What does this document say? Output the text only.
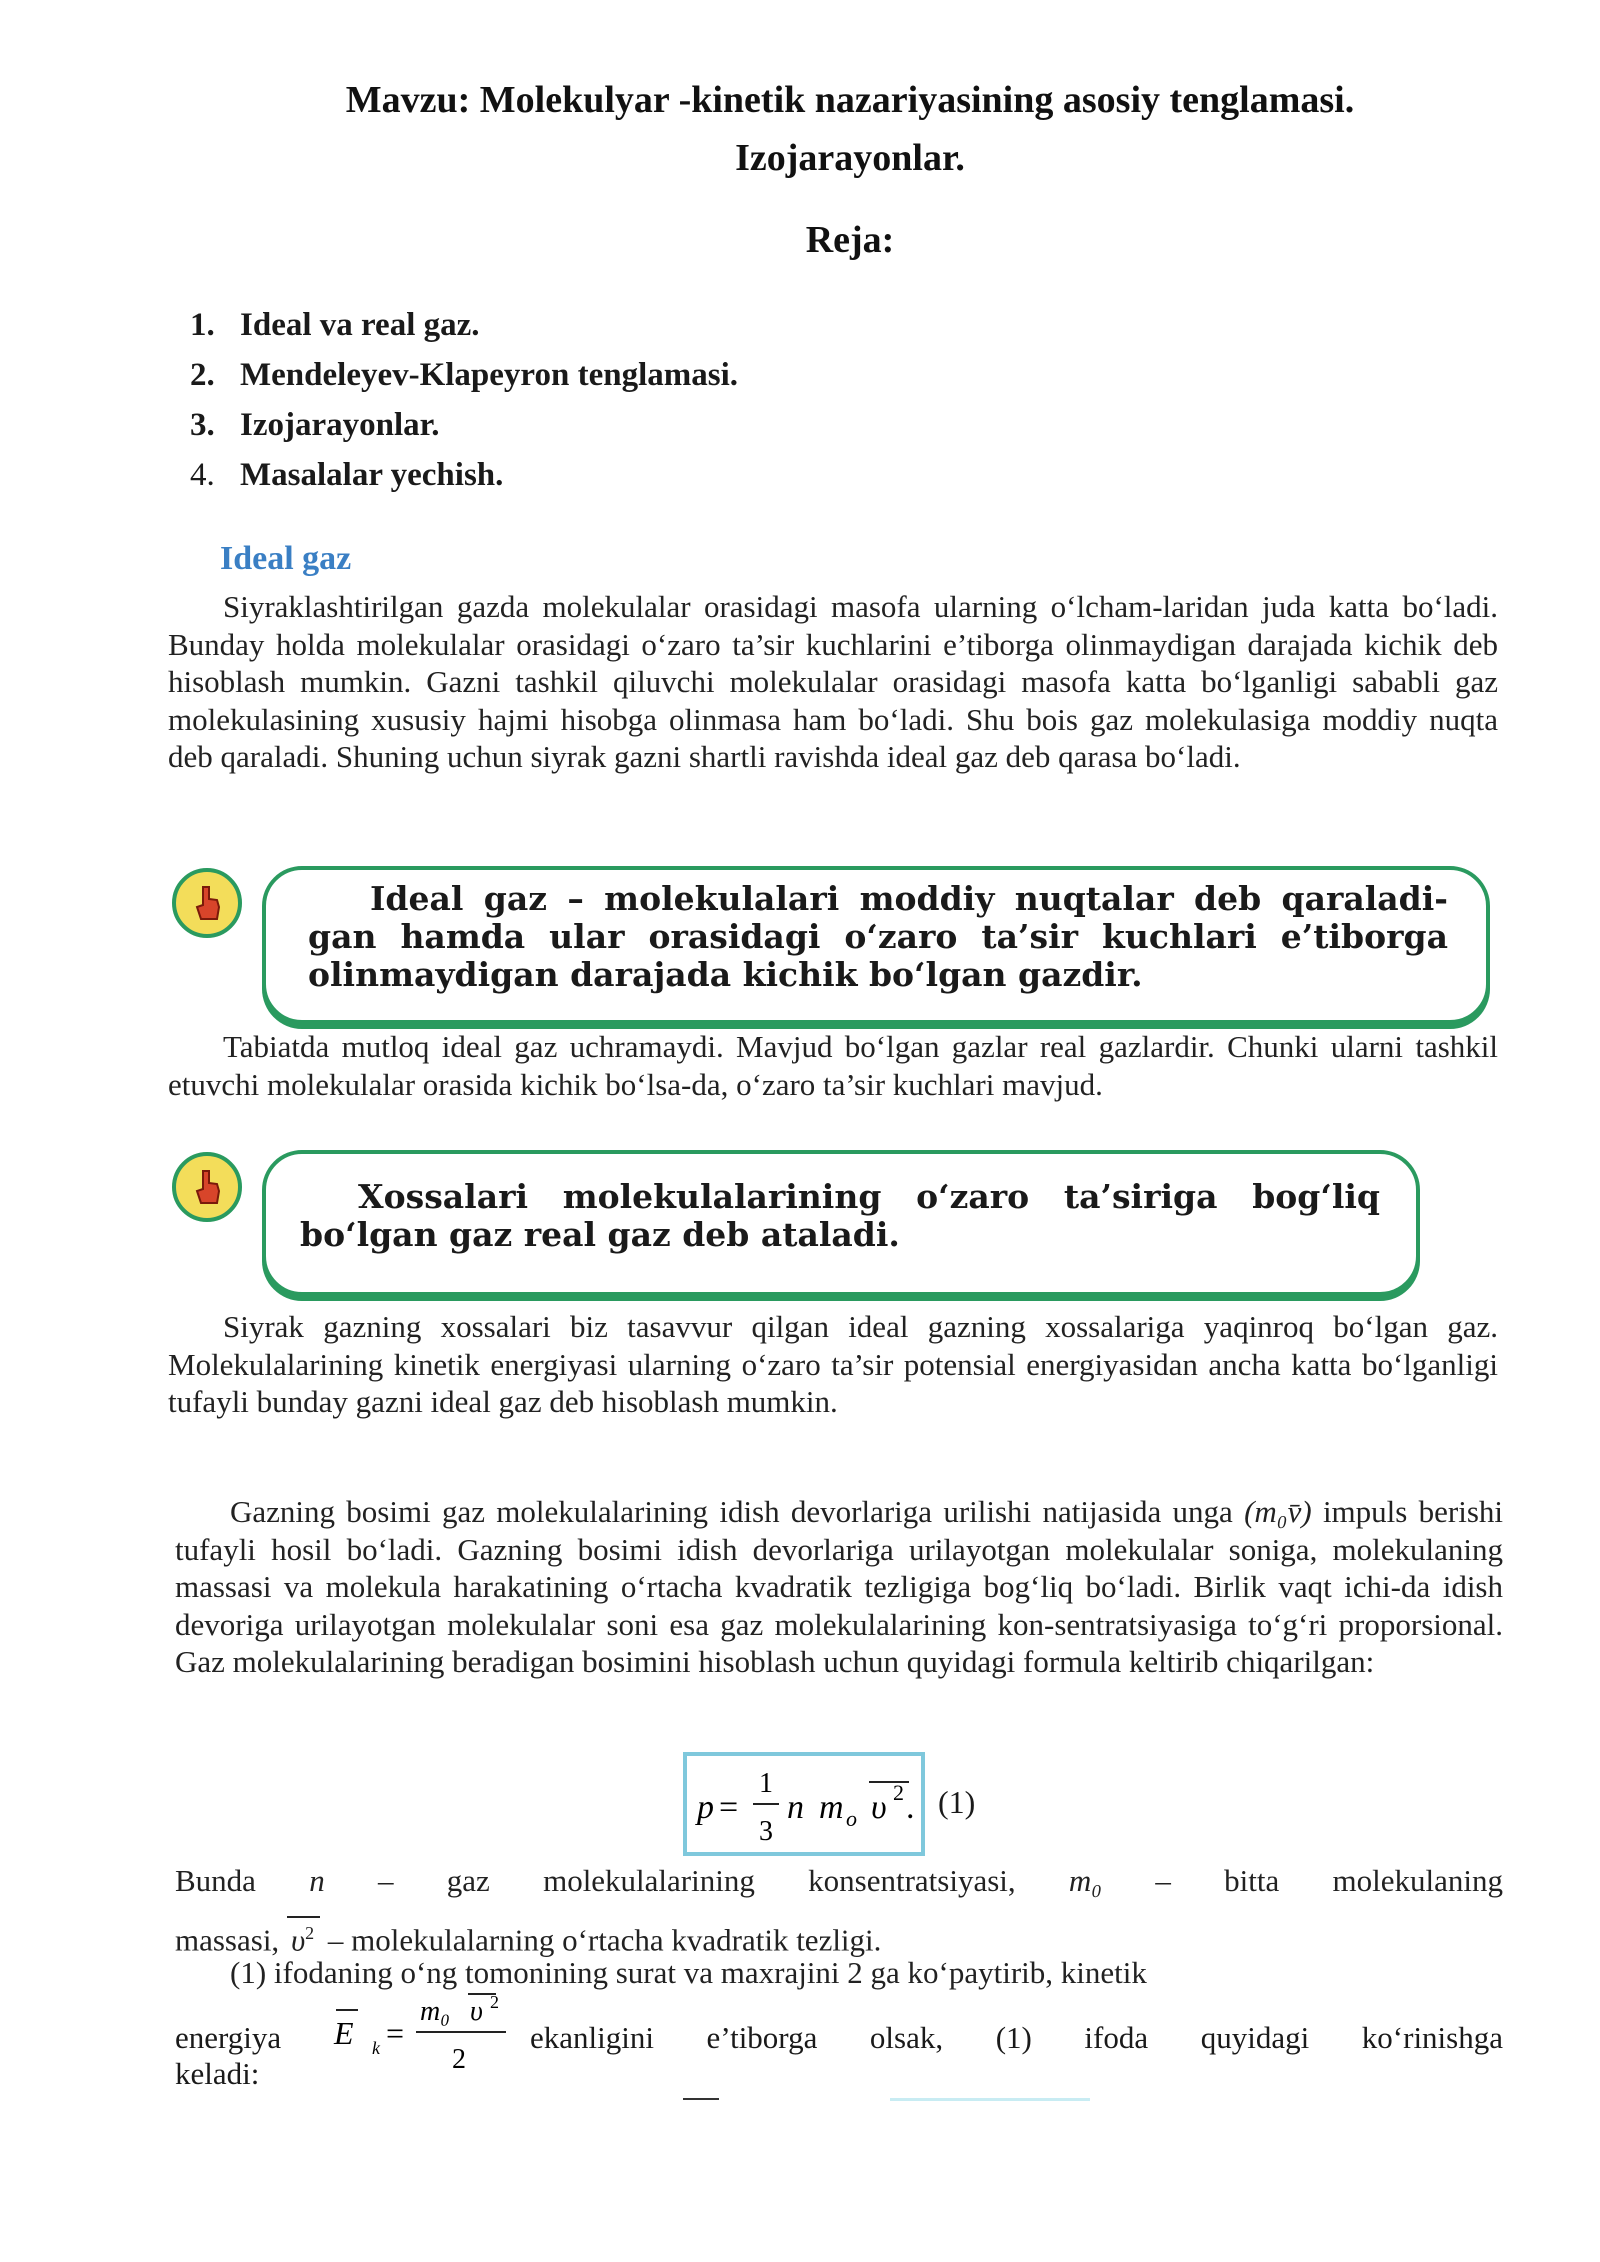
Mavzu: Molekulyar -kinetik nazariyasining asosiy tenglamasi.
Izojarayonlar.
Reja:
1. Ideal va real gaz.
2. Mendeleyev-Klapeyron tenglamasi.
3. Izojarayonlar.
4. Masalalar yechish.
Ideal gaz
Siyraklashtirilgan gazda molekulalar orasidagi masofa ularning o‘lcham-laridan juda katta bo‘ladi. Bunday holda molekulalar orasidagi o‘zaro ta’sir kuchlarini e’tiborga olinmaydigan darajada kichik deb hisoblash mumkin. Gazni tashkil qiluvchi molekulalar orasidagi masofa katta bo‘lganligi sababli gaz molekulasining xususiy hajmi hisobga olinmasa ham bo‘ladi. Shu bois gaz molekulasiga moddiy nuqta deb qaraladi. Shuning uchun siyrak gazni shartli ravishda ideal gaz deb qarasa bo‘ladi.
Ideal gaz – molekulalari moddiy nuqtalar deb qaraladi-gan hamda ular orasidagi o‘zaro ta’sir kuchlari e’tiborga olinmaydigan darajada kichik bo‘lgan gazdir.
Tabiatda mutloq ideal gaz uchramaydi. Mavjud bo‘lgan gazlar real gazlardir. Chunki ularni tashkil etuvchi molekulalar orasida kichik bo‘lsa-da, o‘zaro ta’sir kuchlari mavjud.
Xossalari molekulalarining o‘zaro ta’siriga bog‘liq bo‘lgan gaz real gaz deb ataladi.
Siyrak gazning xossalari biz tasavvur qilgan ideal gazning xossalariga yaqinroq bo‘lgan gaz. Molekulalarining kinetik energiyasi ularning o‘zaro ta’sir potensial energiyasidan ancha katta bo‘lganligi tufayli bunday gazni ideal gaz deb hisoblash mumkin.
Gazning bosimi gaz molekulalarining idish devorlariga urilishi natijasida unga (m₀v̄) impuls berishi tufayli hosil bo‘ladi. Gazning bosimi idish devorlariga urilayotgan molekulalar soniga, molekulaning massasi va molekula harakatining o‘rtacha kvadratik tezligiga bog‘liq bo‘ladi. Birlik vaqt ichi-da idish devoriga urilayotgan molekulalar soni esa gaz molekulalarining kon-sentratsiyasiga to‘g‘ri proporsional. Gaz molekulalarining beradigan bosimini hisoblash uchun quyidagi formula keltirib chiqarilgan:
p =
1
3
n m o υ 2 . (1)
Bunda n – gaz molekulalarining konsentratsiyasi, m₀ – bitta molekulaning
massasi, $\upsilon^2$ – molekulalarning o‘rtacha kvadratik tezligi.
(1) ifodaning o‘ng tomonining surat va maxrajini 2 ga ko‘paytirib, kinetik
energiya E k =
m₀ υ 2
2
ekanligini e’tiborga olsak, (1) ifoda quyidagi ko‘rinishga
keladi:
